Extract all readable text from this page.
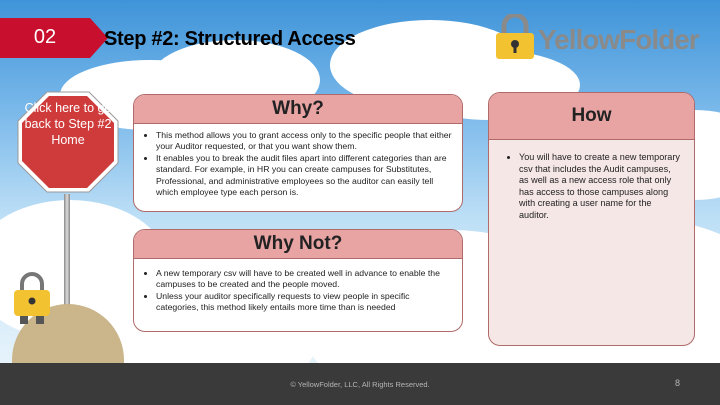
02	Step #2: Structured Access	YellowFolder
Click here to go back to Step #2 Home
Why?
• This method allows you to grant access only to the specific people that either your Auditor requested, or that you want show them.
• It enables you to break the audit files apart into different categories than are standard. For example, in HR you can create campuses for Substitutes, Professional, and administrative employees so the auditor can easily tell which employee type each person is.
Why Not?
• A new temporary csv will have to be created well in advance to enable the campuses to be created and the people moved.
• Unless your auditor specifically requests to view people in specific categories, this method likely entails more time than is needed
How
• You will have to create a new temporary csv that includes the Audit campuses, as well as a new access role that only has access to those campuses along with creating a user name for the auditor.
© YellowFolder, LLC, All Rights Reserved.	8
